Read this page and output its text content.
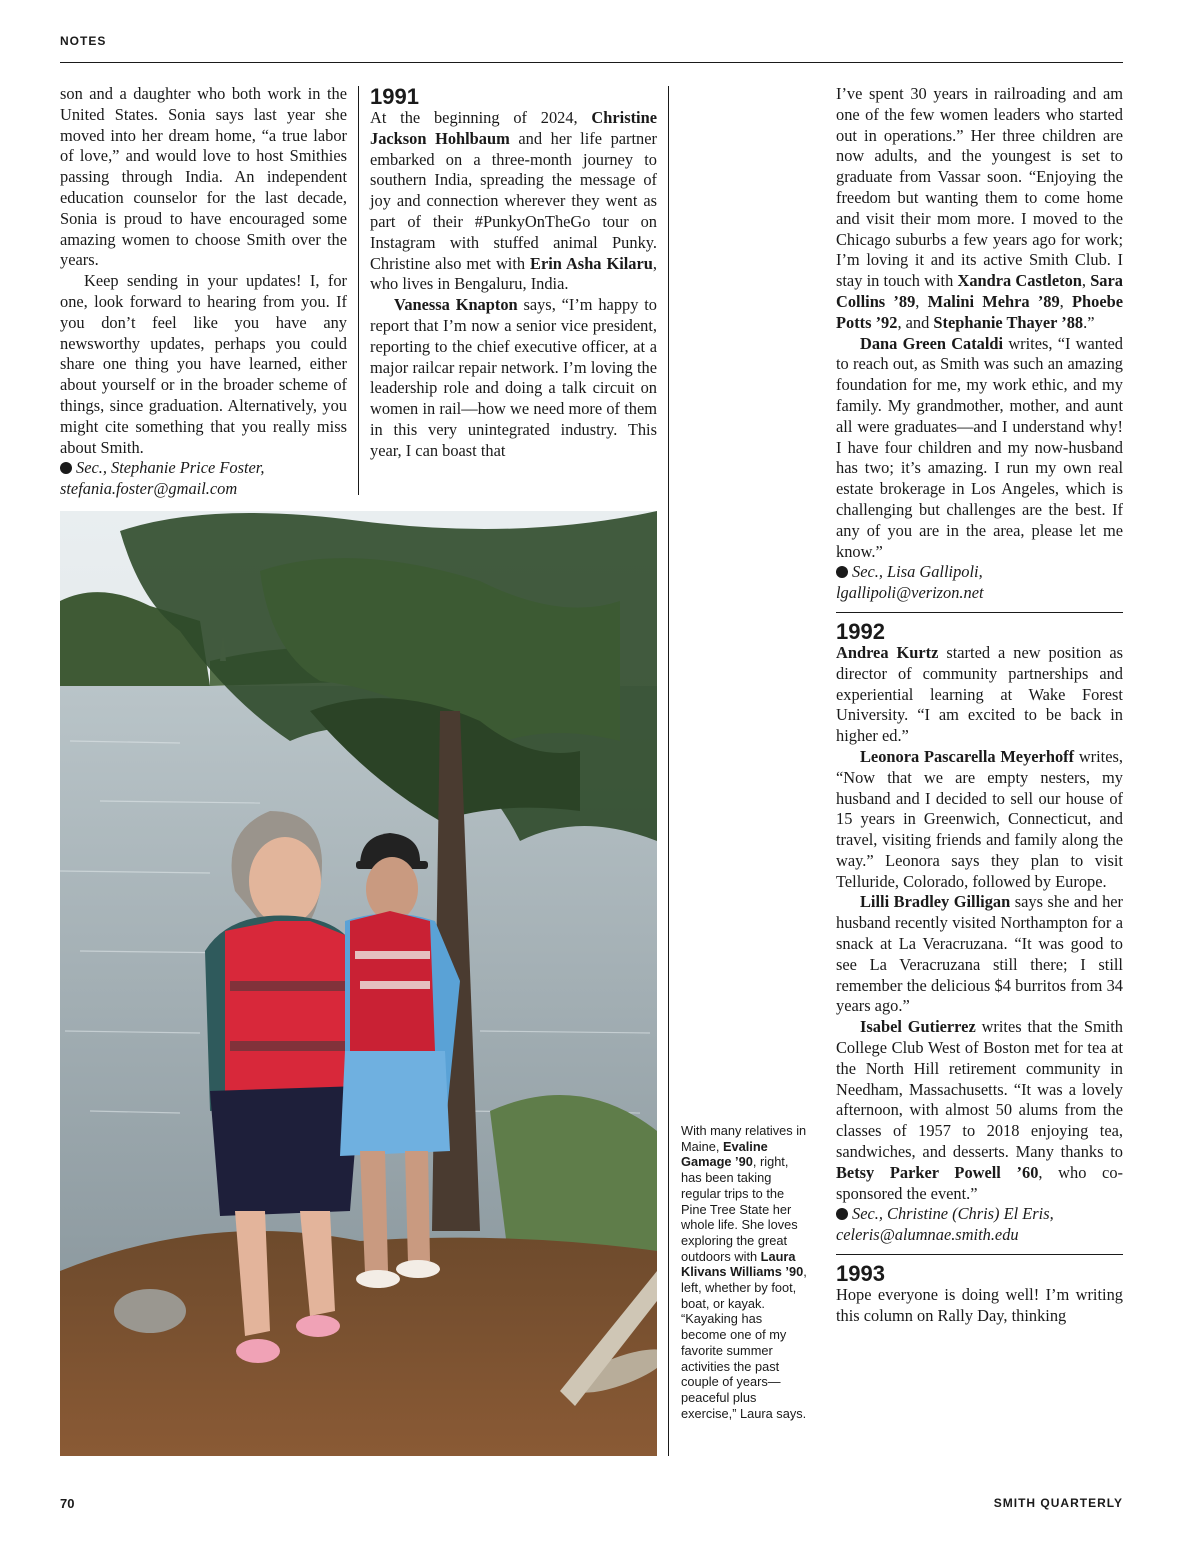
NOTES

son and a daughter who both work in the United States. Sonia says last year she moved into her dream home, “a true labor of love,” and would love to host Smithies passing through India. An independent education counselor for the last decade, Sonia is proud to have encouraged some amazing women to choose Smith over the years.

Keep sending in your updates! I, for one, look forward to hearing from you. If you don’t feel like you have any newsworthy updates, perhaps you could share one thing you have learned, either about yourself or in the broader scheme of things, since graduation. Alternatively, you might cite something that you really miss about Smith.

Sec., Stephanie Price Foster,
stefania.foster@gmail.com

1991

At the beginning of 2024, Christine Jackson Hohlbaum and her life partner embarked on a three-month journey to southern India, spreading the message of joy and connection wherever they went as part of their #PunkyOnTheGo tour on Instagram with stuffed animal Punky. Christine also met with Erin Asha Kilaru, who lives in Bengaluru, India.

Vanessa Knapton says, “I’m happy to report that I’m now a senior vice president, reporting to the chief executive officer, at a major railcar repair network. I’m loving the leadership role and doing a talk circuit on women in rail—how we need more of them in this very unintegrated industry. This year, I can boast that

With many relatives in Maine, Evaline Gamage ’90, right, has been taking regular trips to the Pine Tree State her whole life. She loves exploring the great outdoors with Laura Klivans Williams ’90, left, whether by foot, boat, or kayak. “Kayaking has become one of my favorite summer activities the past couple of years—peaceful plus exercise,” Laura says.

I’ve spent 30 years in railroading and am one of the few women leaders who started out in operations.” Her three children are now adults, and the youngest is set to graduate from Vassar soon. “Enjoying the freedom but wanting them to come home and visit their mom more. I moved to the Chicago suburbs a few years ago for work; I’m loving it and its active Smith Club. I stay in touch with Xandra Castleton, Sara Collins ’89, Malini Mehra ’89, Phoebe Potts ’92, and Stephanie Thayer ’88.”

Dana Green Cataldi writes, “I wanted to reach out, as Smith was such an amazing foundation for me, my work ethic, and my family. My grandmother, mother, and aunt all were graduates—and I understand why! I have four children and my now-husband has two; it’s amazing. I run my own real estate brokerage in Los Angeles, which is challenging but challenges are the best. If any of you are in the area, please let me know.”

Sec., Lisa Gallipoli,
lgallipoli@verizon.net

1992

Andrea Kurtz started a new position as director of community partnerships and experiential learning at Wake Forest University. “I am excited to be back in higher ed.”

Leonora Pascarella Meyerhoff writes, “Now that we are empty nesters, my husband and I decided to sell our house of 15 years in Greenwich, Connecticut, and travel, visiting friends and family along the way.” Leonora says they plan to visit Telluride, Colorado, followed by Europe.

Lilli Bradley Gilligan says she and her husband recently visited Northampton for a snack at La Veracruzana. “It was good to see La Veracruzana still there; I still remember the delicious $4 burritos from 34 years ago.”

Isabel Gutierrez writes that the Smith College Club West of Boston met for tea at the North Hill retirement community in Needham, Massachusetts. “It was a lovely afternoon, with almost 50 alums from the classes of 1957 to 2018 enjoying tea, sandwiches, and desserts. Many thanks to Betsy Parker Powell ’60, who co-sponsored the event.”

Sec., Christine (Chris) El Eris,
celeris@alumnae.smith.edu

1993

Hope everyone is doing well! I’m writing this column on Rally Day, thinking

70	SMITH QUARTERLY
